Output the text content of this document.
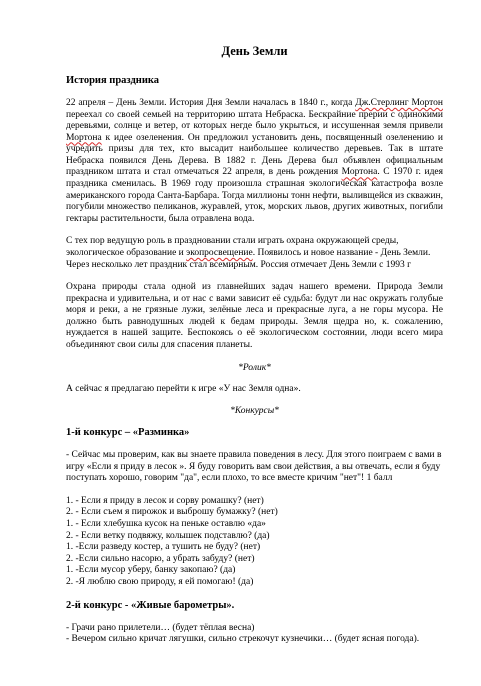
День Земли
История праздника

22 апреля – День Земли. История Дня Земли началась в 1840 г., когда Дж.Стерлинг Мортон переехал со своей семьей на территорию штата Небраска. Бескрайние прерии с одинокими деревьями, солнце и ветер, от которых негде было укрыться, и иссушенная земля привели Мортона к идее озеленения. Он предложил установить день, посвященный озеленению и учредить призы для тех, кто высадит наибольшее количество деревьев. Так в штате Небраска появился День Дерева. В 1882 г. День Дерева был объявлен официальным праздником штата и стал отмечаться 22 апреля, в день рождения Мортона. С 1970 г. идея праздника сменилась. В 1969 году произошла страшная экологическая катастрофа возле американского города Санта-Барбара. Тогда миллионы тонн нефти, выливщейся из скважин, погубили множество пеликанов, журавлей, уток, морских львов, других животных, погибли гектары растительности, была отравлена вода.

С тех пор ведущую роль в праздновании стали играть охрана окружающей среды, экологическое образование и экопросвещение. Появилось и новое название - День Земли. Через несколько лет праздник стал всемирным. Россия отмечает День Земли с 1993 г

Охрана природы стала одной из главнейших задач нашего времени. Природа Земли прекрасна и удивительна, и от нас с вами зависит её судьба: будут ли нас окружать голубые моря и реки, а не грязные лужи, зелёные леса и прекрасные луга, а не горы мусора. Не должно быть равнодушных людей к бедам природы. Земля щедра но, к. сожалению, нуждается в нашей защите. Беспокоясь о её экологическом состоянии, люди всего мира объединяют свои силы для спасения планеты.

*Ролик*

А сейчас я предлагаю перейти к игре «У нас Земля одна».

*Конкурсы*
1-й конкурс – «Разминка»

- Сейчас мы проверим, как вы знаете правила поведения в лесу. Для этого поиграем с вами в игру «Если я приду в лесок ». Я буду говорить вам свои действия, а вы отвечать, если я буду поступать хорошо, говорим "да", если плохо, то все вместе кричим "нет"! 1 балл

1. - Если я приду в лесок и сорву ромашку? (нет)
2. - Если съем я пирожок и выброшу бумажку? (нет)
1. - Если хлебушка кусок на пеньке оставлю «да»
2. - Если ветку подвяжу, колышек подставлю? (да)
1. -Если разведу костер, а тушить не буду? (нет)
2. -Если сильно насорю, а убрать забуду? (нет)
1. -Если мусор уберу, банку закопаю? (да)
2. -Я люблю свою природу, я ей помогаю! (да)
2-й конкурс - «Живые барометры».
- Грачи рано прилетели… (будет тёплая весна)
- Вечером сильно кричат лягушки, сильно стрекочут кузнечики… (будет ясная погода).
